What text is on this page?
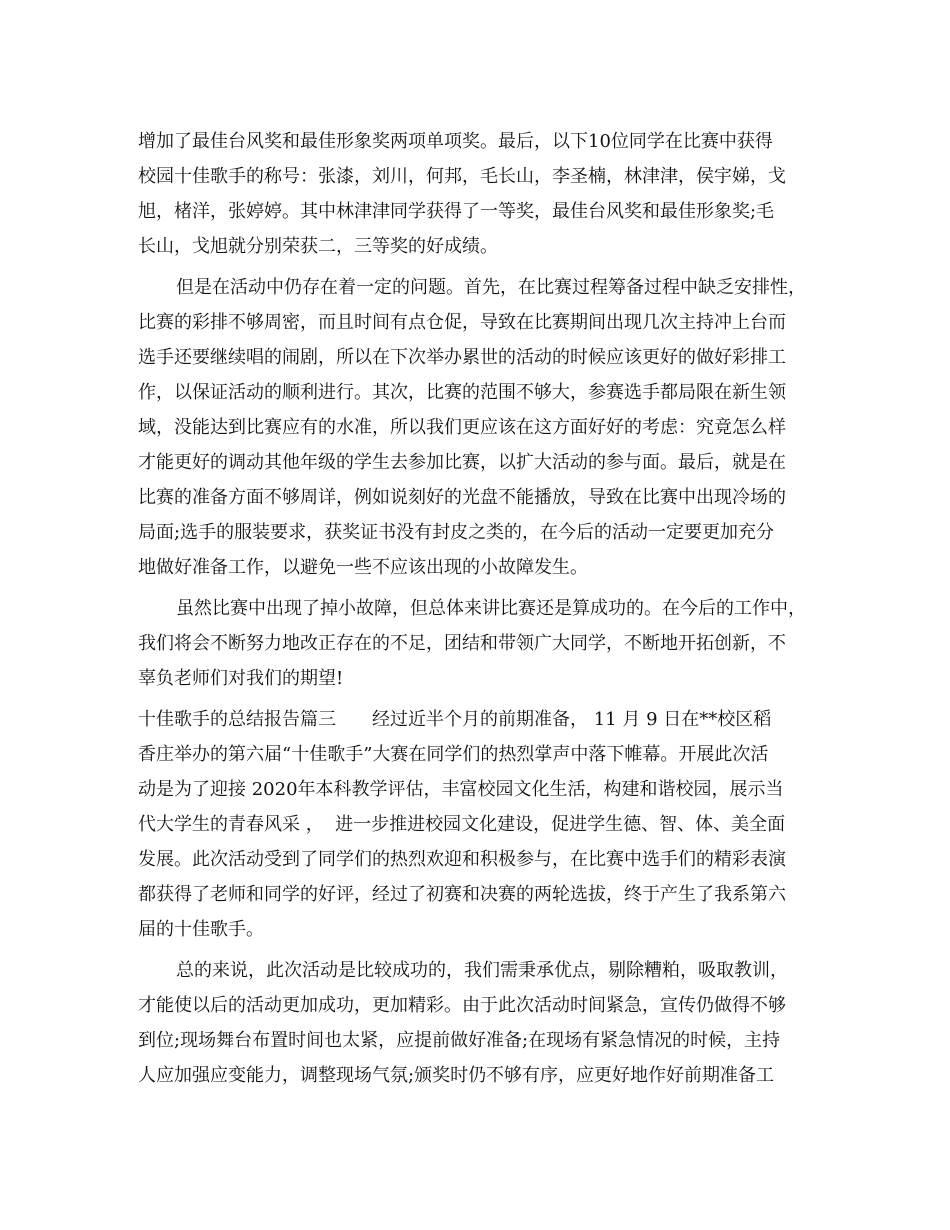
增加了最佳台风奖和最佳形象奖两项单项奖。最后，以下10位同学在比赛中获得
校园十佳歌手的称号：张漆，刘川，何邦，毛长山，李圣楠，林津津，侯宇娣，戈
旭，楮洋，张婷婷。其中林津津同学获得了一等奖，最佳台风奖和最佳形象奖;毛
长山，戈旭就分别荣获二，三等奖的好成绩。
但是在活动中仍存在着一定的问题。首先，在比赛过程筹备过程中缺乏安排性，
比赛的彩排不够周密，而且时间有点仓促，导致在比赛期间出现几次主持冲上台而
选手还要继续唱的闹剧，所以在下次举办累世的活动的时候应该更好的做好彩排工
作，以保证活动的顺利进行。其次，比赛的范围不够大，参赛选手都局限在新生领
域，没能达到比赛应有的水准，所以我们更应该在这方面好好的考虑：究竟怎么样
才能更好的调动其他年级的学生去参加比赛，以扩大活动的参与面。最后，就是在
比赛的准备方面不够周详，例如说刻好的光盘不能播放，导致在比赛中出现冷场的
局面;选手的服装要求，获奖证书没有封皮之类的，在今后的活动一定要更加充分
地做好准备工作，以避免一些不应该出现的小故障发生。
虽然比赛中出现了掉小故障，但总体来讲比赛还是算成功的。在今后的工作中，
我们将会不断努力地改正存在的不足，团结和带领广大同学，不断地开拓创新，不
辜负老师们对我们的期望!
十佳歌手的总结报告篇三　　经过近半个月的前期准备， 11 月 9 日在**校区稻
香庄举办的第六届“十佳歌手”大赛在同学们的热烈掌声中落下帷幕。开展此次活
动是为了迎接 2020年本科教学评估，丰富校园文化生活，构建和谐校园，展示当
代大学生的青春风采 ，  进一步推进校园文化建设，促进学生德、智、体、美全面
发展。此次活动受到了同学们的热烈欢迎和积极参与，在比赛中选手们的精彩表演
都获得了老师和同学的好评，经过了初赛和决赛的两轮选拔，终于产生了我系第六
届的十佳歌手。
总的来说，此次活动是比较成功的，我们需秉承优点，剔除糟粕，吸取教训，
才能使以后的活动更加成功，更加精彩。由于此次活动时间紧急，宣传仍做得不够
到位;现场舞台布置时间也太紧，应提前做好准备;在现场有紧急情况的时候，主持
人应加强应变能力，调整现场气氛;颁奖时仍不够有序，应更好地作好前期准备工
